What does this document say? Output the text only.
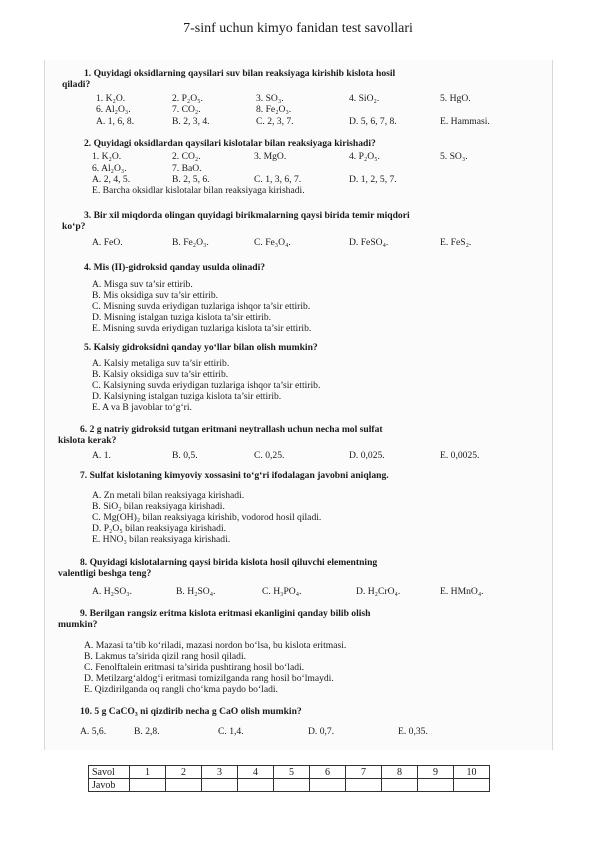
7-sinf uchun kimyo fanidan test savollari
1. Quyidagi oksidlarning qaysilari suv bilan reaksiyaga kirishib kislota hosil
qiladi?
1. K₂O.	2. P₂O₅.	3. SO₃.	4. SiO₂.	5. HgO.
6. Al₂O₃.	7. CO₂.	8. Fe₂O₃.
A. 1, 6, 8.	B. 2, 3, 4.	C. 2, 3, 7.	D. 5, 6, 7, 8.	E. Hammasi.
2. Quyidagi oksidlardan qaysilari kislotalar bilan reaksiyaga kirishadi?
1. K₂O.	2. CO₂.	3. MgO.	4. P₂O₅.	5. SO₃.
6. Al₂O₃.	7. BaO.
A. 2, 4, 5.	B. 2, 5, 6.	C. 1, 3, 6, 7.	D. 1, 2, 5, 7.
E. Barcha oksidlar kislotalar bilan reaksiyaga kirishadi.
3. Bir xil miqdorda olingan quyidagi birikmalarning qaysi birida temir miqdori
ko‘p?
A. FeO.	B. Fe₂O₃.	C. Fe₃O₄.	D. FeSO₄.	E. FeS₂.
4. Mis (II)-gidroksid qanday usulda olinadi?
A. Misga suv ta’sir ettirib.
B. Mis oksidiga suv ta’sir ettirib.
C. Misning suvda eriydigan tuzlariga ishqor ta’sir ettirib.
D. Misning istalgan tuziga kislota ta’sir ettirib.
E. Misning suvda eriydigan tuzlariga kislota ta’sir ettirib.
5. Kalsiy gidroksidni qanday yo‘llar bilan olish mumkin?
A. Kalsiy metaliga suv ta’sir ettirib.
B. Kalsiy oksidiga suv ta’sir ettirib.
C. Kalsiyning suvda eriydigan tuzlariga ishqor ta’sir ettirib.
D. Kalsiyning istalgan tuziga kislota ta’sir ettirib.
E. A va B javoblar to‘g‘ri.
6. 2 g natriy gidroksid tutgan eritmani neytrallash uchun necha mol sulfat
kislota kerak?
A. 1.	B. 0,5.	C. 0,25.	D. 0,025.	E. 0,0025.
7. Sulfat kislotaning kimyoviy xossasini to‘g‘ri ifodalagan javobni aniqlang.
A. Zn metali bilan reaksiyaga kirishadi.
B. SiO₂ bilan reaksiyaga kirishadi.
C. Mg(OH)₂ bilan reaksiyaga kirishib, vodorod hosil qiladi.
D. P₂O₅ bilan reaksiyaga kirishadi.
E. HNO₃ bilan reaksiyaga kirishadi.
8. Quyidagi kislotalarning qaysi birida kislota hosil qiluvchi elementning
valentligi beshga teng?
A. H₂SO₃.	B. H₂SO₄.	C. H₃PO₄.	D. H₂CrO₄.	E. HMnO₄.
9. Berilgan rangsiz eritma kislota eritmasi ekanligini qanday bilib olish
mumkin?
A. Mazasi ta’tib ko‘riladi, mazasi nordon bo‘lsa, bu kislota eritmasi.
B. Lakmus ta’sirida qizil rang hosil qiladi.
C. Fenolftalein eritmasi ta’sirida pushtirang hosil bo‘ladi.
D. Metilzarg‘aldog‘i eritmasi tomizilganda rang hosil bo‘lmaydi.
E. Qizdirilganda oq rangli cho‘kma paydo bo‘ladi.
10. 5 g CaCO₃ ni qizdirib necha g CaO olish mumkin?
A. 5,6.	B. 2,8.	C. 1,4.	D. 0,7.	E. 0,35.
Savol	1	2	3	4	5	6	7	8	9	10
Javob										
